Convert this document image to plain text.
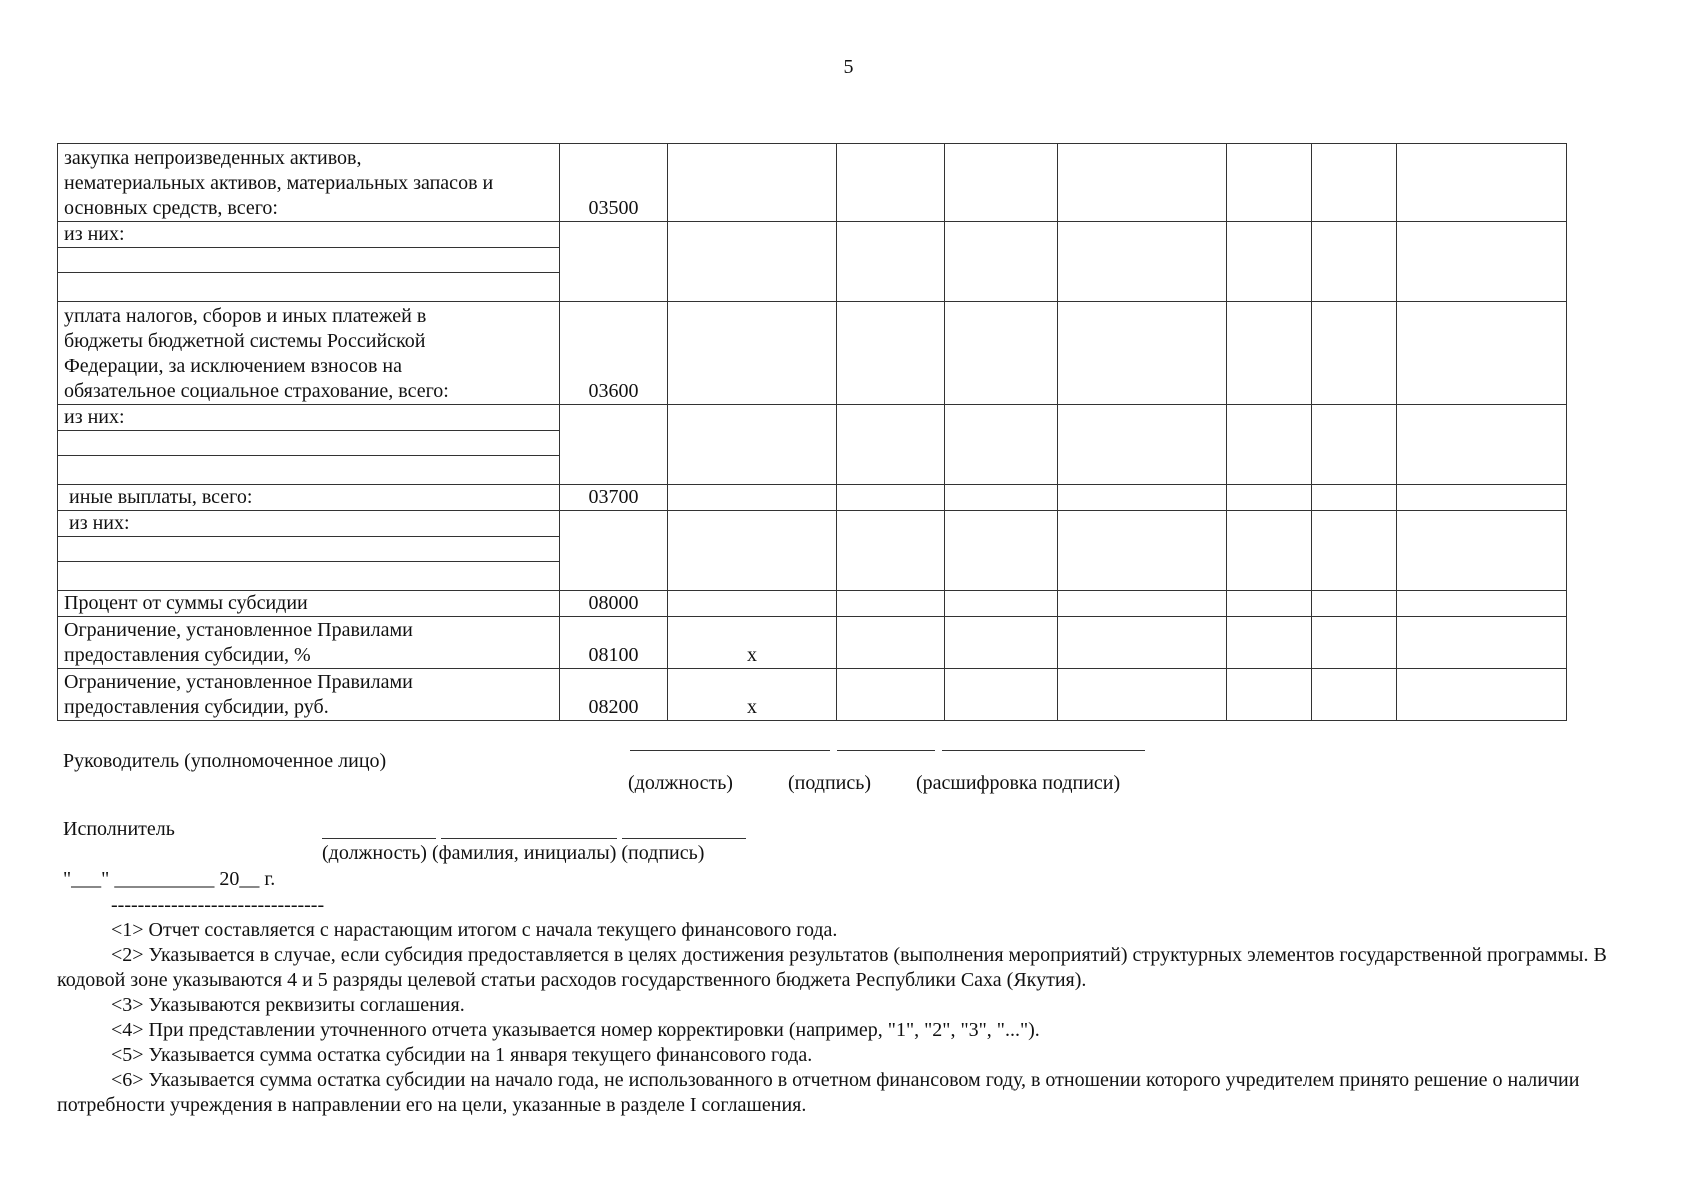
5
закупка непроизведенных активов,
нематериальных активов, материальных запасов и
основных средств, всего:	03500							

из них:								

уплата налогов, сборов и иных платежей в
бюджеты бюджетной системы Российской
Федерации, за исключением взносов на
обязательное социальное страхование, всего:	03600							

из них:								

иные выплаты, всего:	03700							

из них:								

Процент от суммы субсидии	08000							

Ограничение, установленное Правилами
предоставления субсидии, %	08100	x						

Ограничение, установленное Правилами
предоставления субсидии, руб.	08200	x						
Руководитель (уполномоченное лицо)
(должность)	(подпись) (расшифровка подписи)
Исполнитель
(должность) (фамилия, инициалы) (подпись)
"___" __________ 20__ г.
--------------------------------

<1> Отчет составляется с нарастающим итогом с начала текущего финансового года.

<2> Указывается в случае, если субсидия предоставляется в целях достижения результатов (выполнения мероприятий) структурных элементов государственной программы. В кодовой зоне указываются 4 и 5 разряды целевой статьи расходов государственного бюджета Республики Саха (Якутия).

<3> Указываются реквизиты соглашения.

<4> При представлении уточненного отчета указывается номер корректировки (например, "1", "2", "3", "...").

<5> Указывается сумма остатка субсидии на 1 января текущего финансового года.

<6> Указывается сумма остатка субсидии на начало года, не использованного в отчетном финансовом году, в отношении которого учредителем принято решение о наличии потребности учреждения в направлении его на цели, указанные в разделе I соглашения.
